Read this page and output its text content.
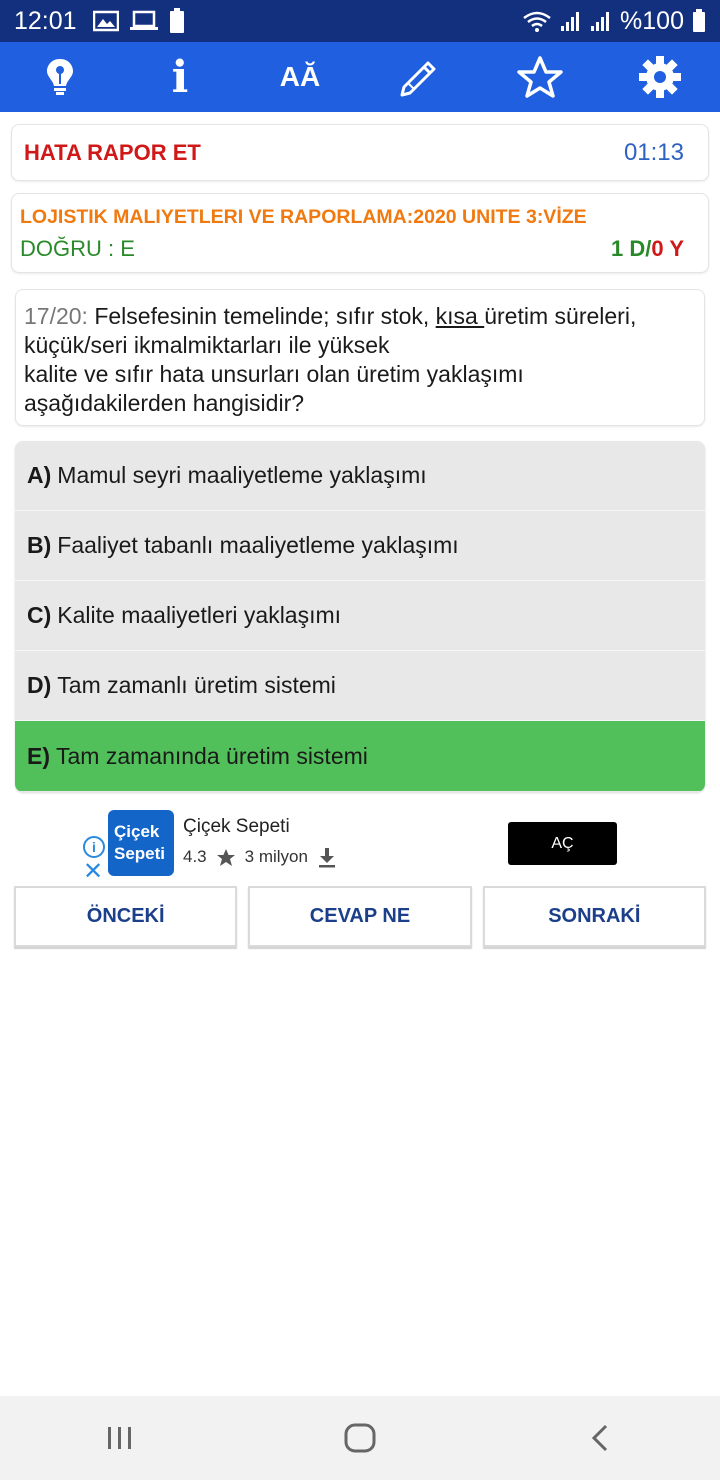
12:01	%100
i	AĂ
HATA RAPOR ET	01:13
LOJISTIK MALIYETLERI VE RAPORLAMA:2020 UNITE 3:VİZE
DOĞRU : E	1 D/0 Y
17/20: Felsefesinin temelinde; sıfır stok, kısa üretim süreleri,
küçük/seri ikmalmiktarları ile yüksek
kalite ve sıfır hata unsurları olan üretim yaklaşımı
aşağıdakilerden hangisidir?
A) Mamul seyri maaliyetleme yaklaşımı
B) Faaliyet tabanlı maaliyetleme yaklaşımı
C) Kalite maaliyetleri yaklaşımı
D) Tam zamanlı üretim sistemi
E) Tam zamanında üretim sistemi
i
✕
Çiçek
Sepeti
Çiçek Sepeti
4.3 3 milyon
AÇ
ÖNCEKİ	CEVAP NE	SONRAKİ
